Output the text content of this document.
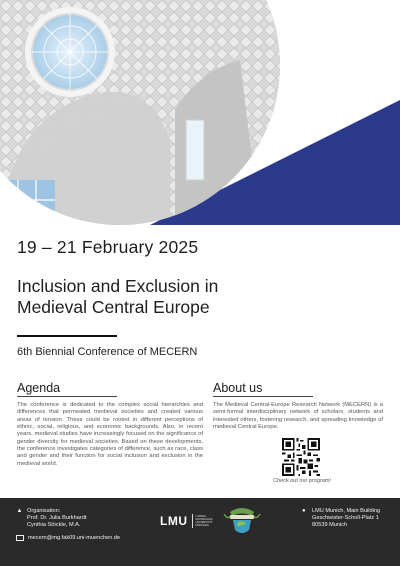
19 – 21 February 2025
Inclusion and Exclusion in
Medieval Central Europe
6th Biennial Conference of MECERN
Agenda

The conference is dedicated to the complex social hierarchies and differences that permeated medieval societies and created various areas of tension. These could be rooted in different perceptions of ethnic, social, religious, and economic backgrounds. Also, in recent years, medieval studies have increasingly focused on the significance of gender diversity for medieval societies. Based on these developments, the conference investigates categories of difference, such as race, class and gender and their function for social inclusion and exclusion in the medieval world.

About us

The Medieval Central-Europe Research Network (MECERN) is a semi-formal interdisciplinary network of scholars, students and interested others, fostering research, and spreading knowledge of medieval Central Europe.

Check out our program!
▲ Organisation:
Prof. Dr. Julia Burkhardt
Cynthia Stöckle, M.A.
mecern@mg.fak09.uni-muenchen.de
LMU	LUDWIG-
MAXIMILIANS-
UNIVERSITÄT
MÜNCHEN
●	LMU Munich, Main Building
Geschwister-Scholl-Platz 1
80539 Munich
